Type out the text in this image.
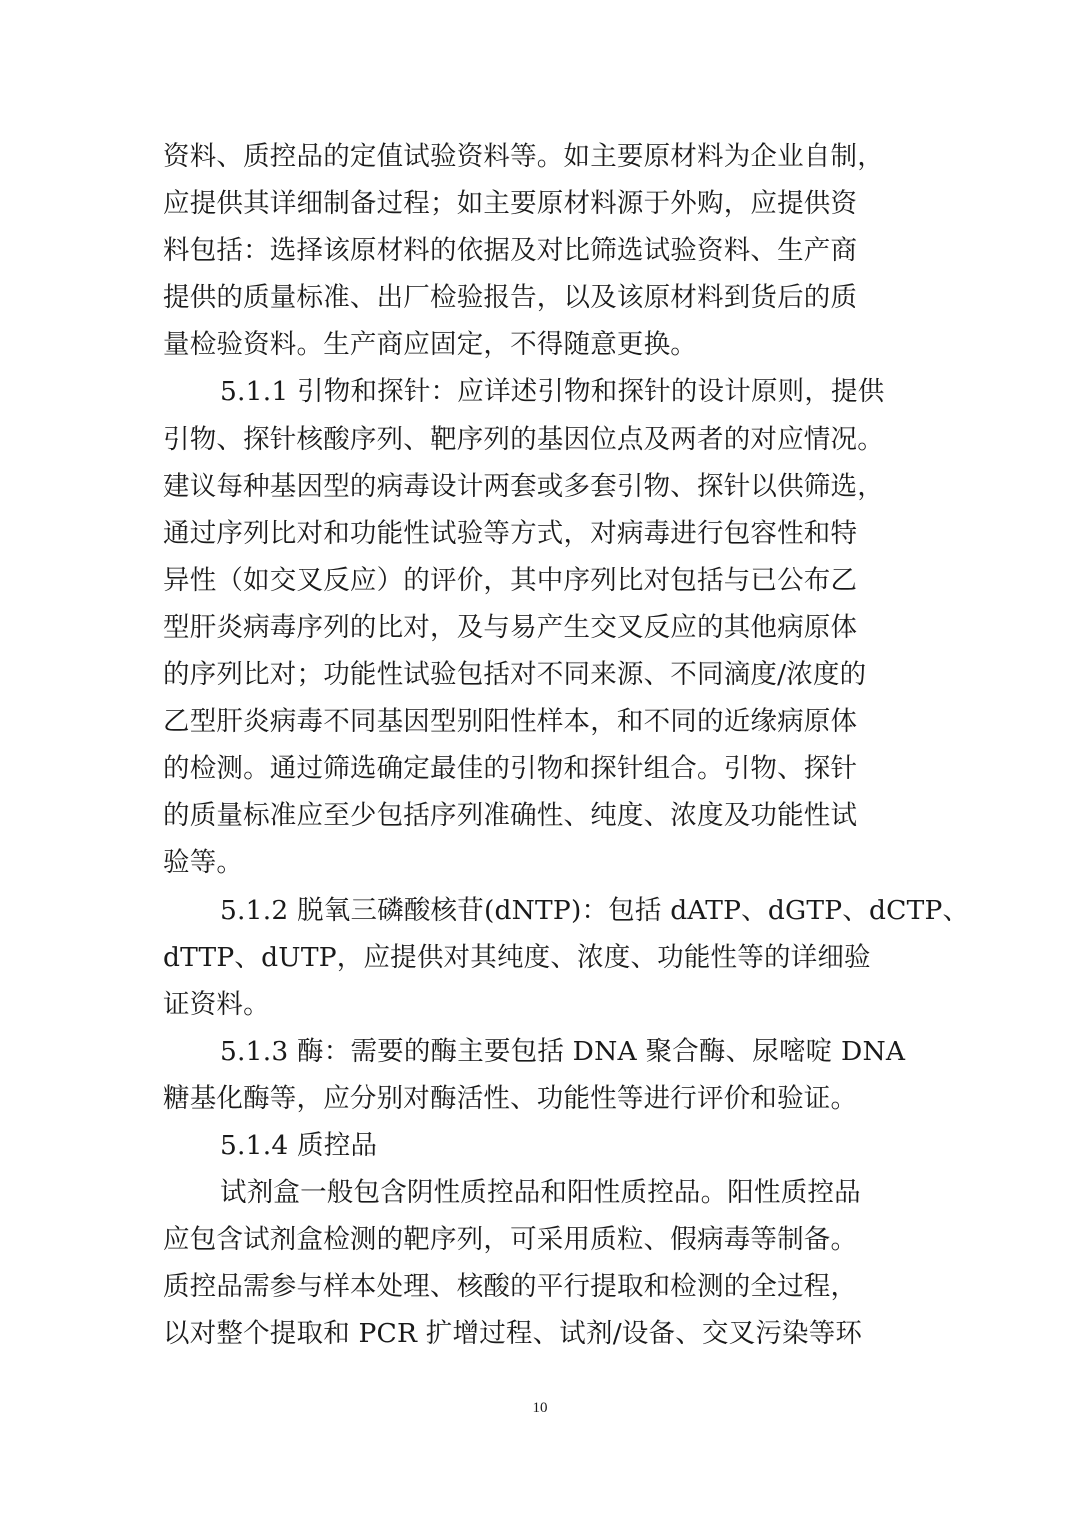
资料、质控品的定值试验资料等。如主要原材料为企业自制，
应提供其详细制备过程；如主要原材料源于外购，应提供资
料包括：选择该原材料的依据及对比筛选试验资料、生产商
提供的质量标准、出厂检验报告，以及该原材料到货后的质
量检验资料。生产商应固定，不得随意更换。
5.1.1 引物和探针：应详述引物和探针的设计原则，提供
引物、探针核酸序列、靶序列的基因位点及两者的对应情况。
建议每种基因型的病毒设计两套或多套引物、探针以供筛选，
通过序列比对和功能性试验等方式，对病毒进行包容性和特
异性（如交叉反应）的评价，其中序列比对包括与已公布乙
型肝炎病毒序列的比对，及与易产生交叉反应的其他病原体
的序列比对；功能性试验包括对不同来源、不同滴度/浓度的
乙型肝炎病毒不同基因型别阳性样本，和不同的近缘病原体
的检测。通过筛选确定最佳的引物和探针组合。引物、探针
的质量标准应至少包括序列准确性、纯度、浓度及功能性试
验等。
5.1.2 脱氧三磷酸核苷(dNTP)：包括 dATP、dGTP、dCTP、
dTTP、dUTP，应提供对其纯度、浓度、功能性等的详细验
证资料。
5.1.3 酶：需要的酶主要包括 DNA 聚合酶、尿嘧啶 DNA
糖基化酶等，应分别对酶活性、功能性等进行评价和验证。
5.1.4 质控品
试剂盒一般包含阴性质控品和阳性质控品。阳性质控品
应包含试剂盒检测的靶序列，可采用质粒、假病毒等制备。
质控品需参与样本处理、核酸的平行提取和检测的全过程，
以对整个提取和 PCR 扩增过程、试剂/设备、交叉污染等环
10
